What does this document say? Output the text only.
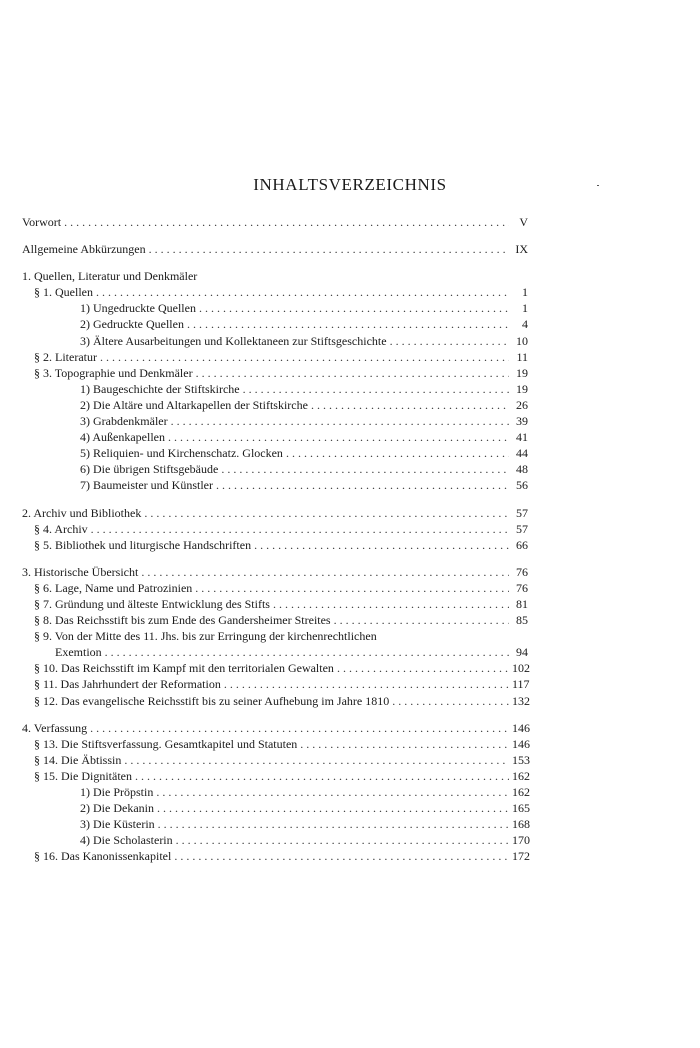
INHALTSVERZEICHNIS
Vorwort . . .	V
Allgemeine Abkürzungen . . .	IX
1. Quellen, Literatur und Denkmäler
§ 1. Quellen . . .	1
1) Ungedruckte Quellen . . .	1
2) Gedruckte Quellen . . .	4
3) Ältere Ausarbeitungen und Kollektaneen zur Stiftsgeschichte . . .	10
§ 2. Literatur . . .	11
§ 3. Topographie und Denkmäler . . .	19
1) Baugeschichte der Stiftskirche . . .	19
2) Die Altäre und Altarkapellen der Stiftskirche . . .	26
3) Grabdenkmäler . . .	39
4) Außenkapellen . . .	41
5) Reliquien- und Kirchenschatz. Glocken . . .	44
6) Die übrigen Stiftsgebäude . . .	48
7) Baumeister und Künstler . . .	56
2. Archiv und Bibliothek . . .	57
§ 4. Archiv . . .	57
§ 5. Bibliothek und liturgische Handschriften . . .	66
3. Historische Übersicht . . .	76
§ 6. Lage, Name und Patrozinien . . .	76
§ 7. Gründung und älteste Entwicklung des Stifts . . .	81
§ 8. Das Reichsstift bis zum Ende des Gandersheimer Streites . . .	85
§ 9. Von der Mitte des 11. Jhs. bis zur Erringung der kirchenrechtlichen
Exemtion . . .	94
§ 10. Das Reichsstift im Kampf mit den territorialen Gewalten . . .	102
§ 11. Das Jahrhundert der Reformation . . .	117
§ 12. Das evangelische Reichsstift bis zu seiner Aufhebung im Jahre 1810 . . .	132
4. Verfassung . . .	146
§ 13. Die Stiftsverfassung. Gesamtkapitel und Statuten . . .	146
§ 14. Die Äbtissin . . .	153
§ 15. Die Dignitäten . . .	162
1) Die Pröpstin . . .	162
2) Die Dekanin . . .	165
3) Die Küsterin . . .	168
4) Die Scholasterin . . .	170
§ 16. Das Kanonissenkapitel . . .	172
